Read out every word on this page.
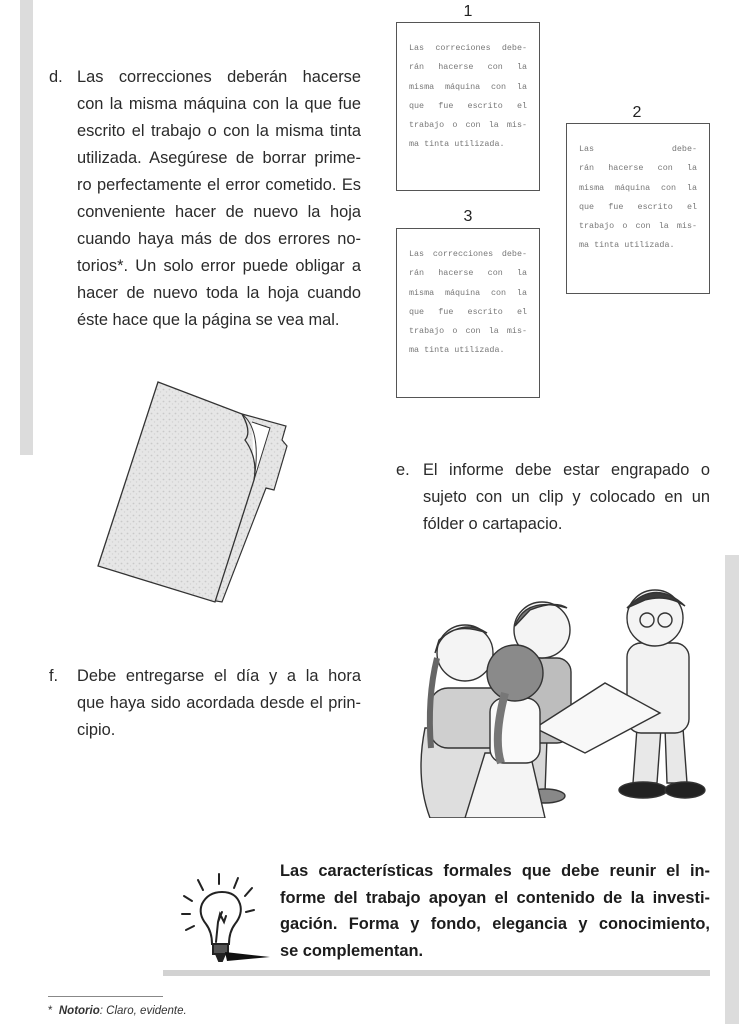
d. Las correcciones deberán hacerse
con la misma máquina con la que fue
escrito el trabajo o con la misma tinta
utilizada. Asegúrese de borrar prime-
ro perfectamente el error cometido. Es
conveniente hacer de nuevo la hoja
cuando haya más de dos errores no-
torios*. Un solo error puede obligar a
hacer de nuevo toda la hoja cuando
éste hace que la página se vea mal.
1
Las correciones debe-
rán hacerse con la
misma máquina con la
que fue escrito el
trabajo o con la mis-
ma tinta utilizada.
2
Las debe-
rán hacerse con la
misma máquina con la
que fue escrito el
trabajo o con la mis-
ma tinta utilizada.
3
Las correcciones debe-
rán hacerse con la
misma máquina con la
que fue escrito el
trabajo o con la mis-
ma tinta utilizada.
e. El informe debe estar engrapado o
sujeto con un clip y colocado en un
fólder o cartapacio.
f. Debe entregarse el día y a la hora
que haya sido acordada desde el prin-
cipio.
Las características formales que debe reunir el in-
forme del trabajo apoyan el contenido de la investi-
gación. Forma y fondo, elegancia y conocimiento,
se complementan.
* Notorio: Claro, evidente.
